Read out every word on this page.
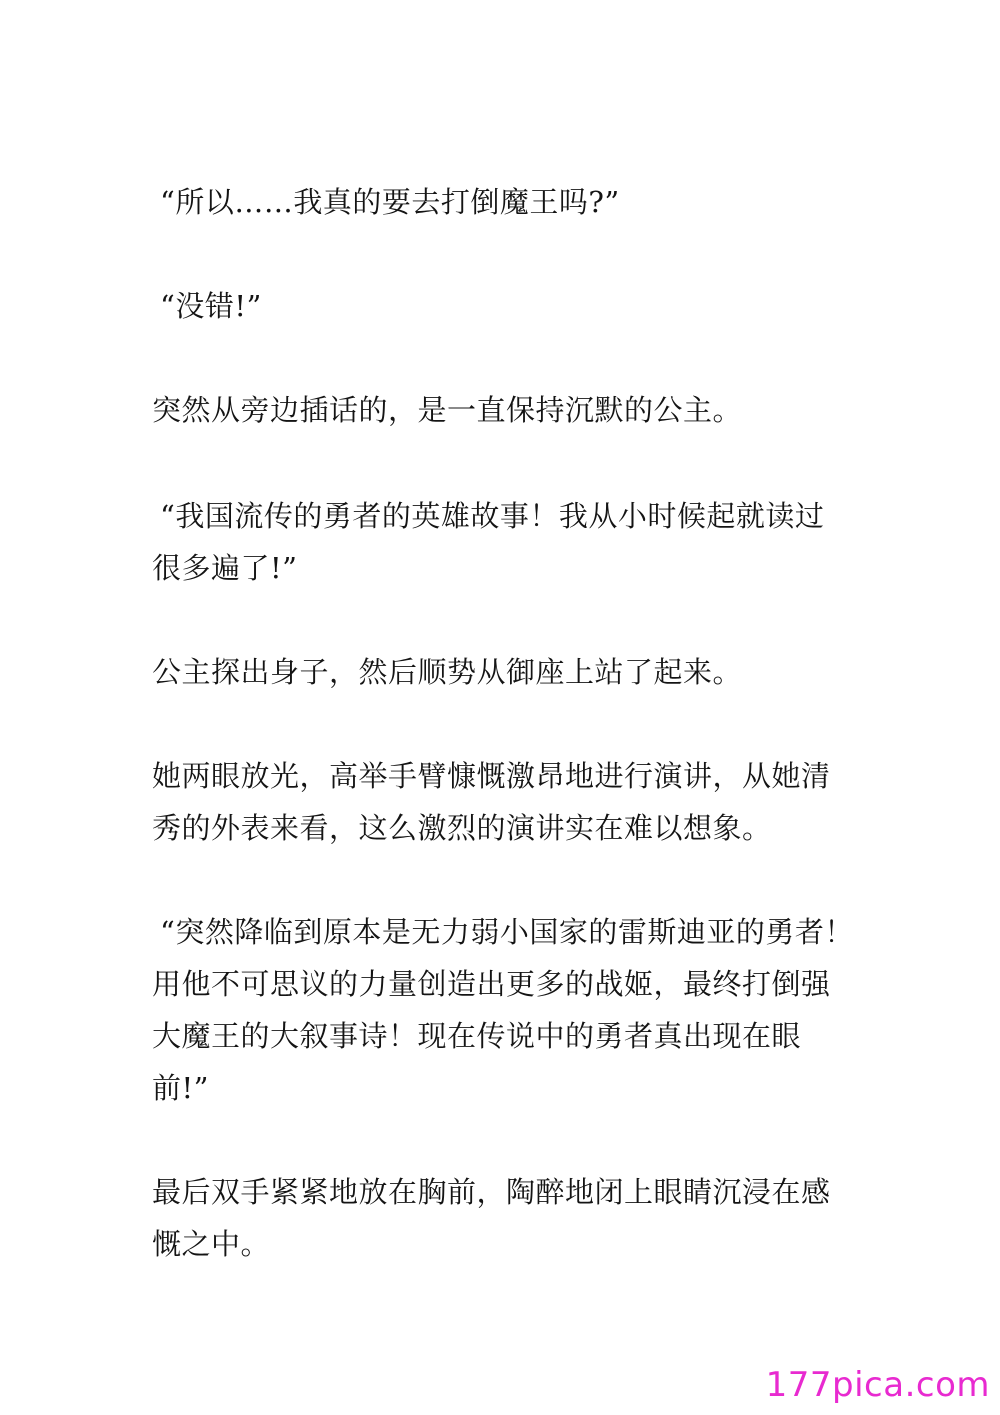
“所以……我真的要去打倒魔王吗?”
“没错!”
突然从旁边插话的，是一直保持沉默的公主。
“我国流传的勇者的英雄故事！我从小时候起就读过
很多遍了!”
公主探出身子，然后顺势从御座上站了起来。
她两眼放光，高举手臂慷慨激昂地进行演讲，从她清
秀的外表来看，这么激烈的演讲实在难以想象。
“突然降临到原本是无力弱小国家的雷斯迪亚的勇者！
用他不可思议的力量创造出更多的战姬，最终打倒强
大魔王的大叙事诗！现在传说中的勇者真出现在眼
前!”
最后双手紧紧地放在胸前，陶醉地闭上眼睛沉浸在感
慨之中。
177pica.com
